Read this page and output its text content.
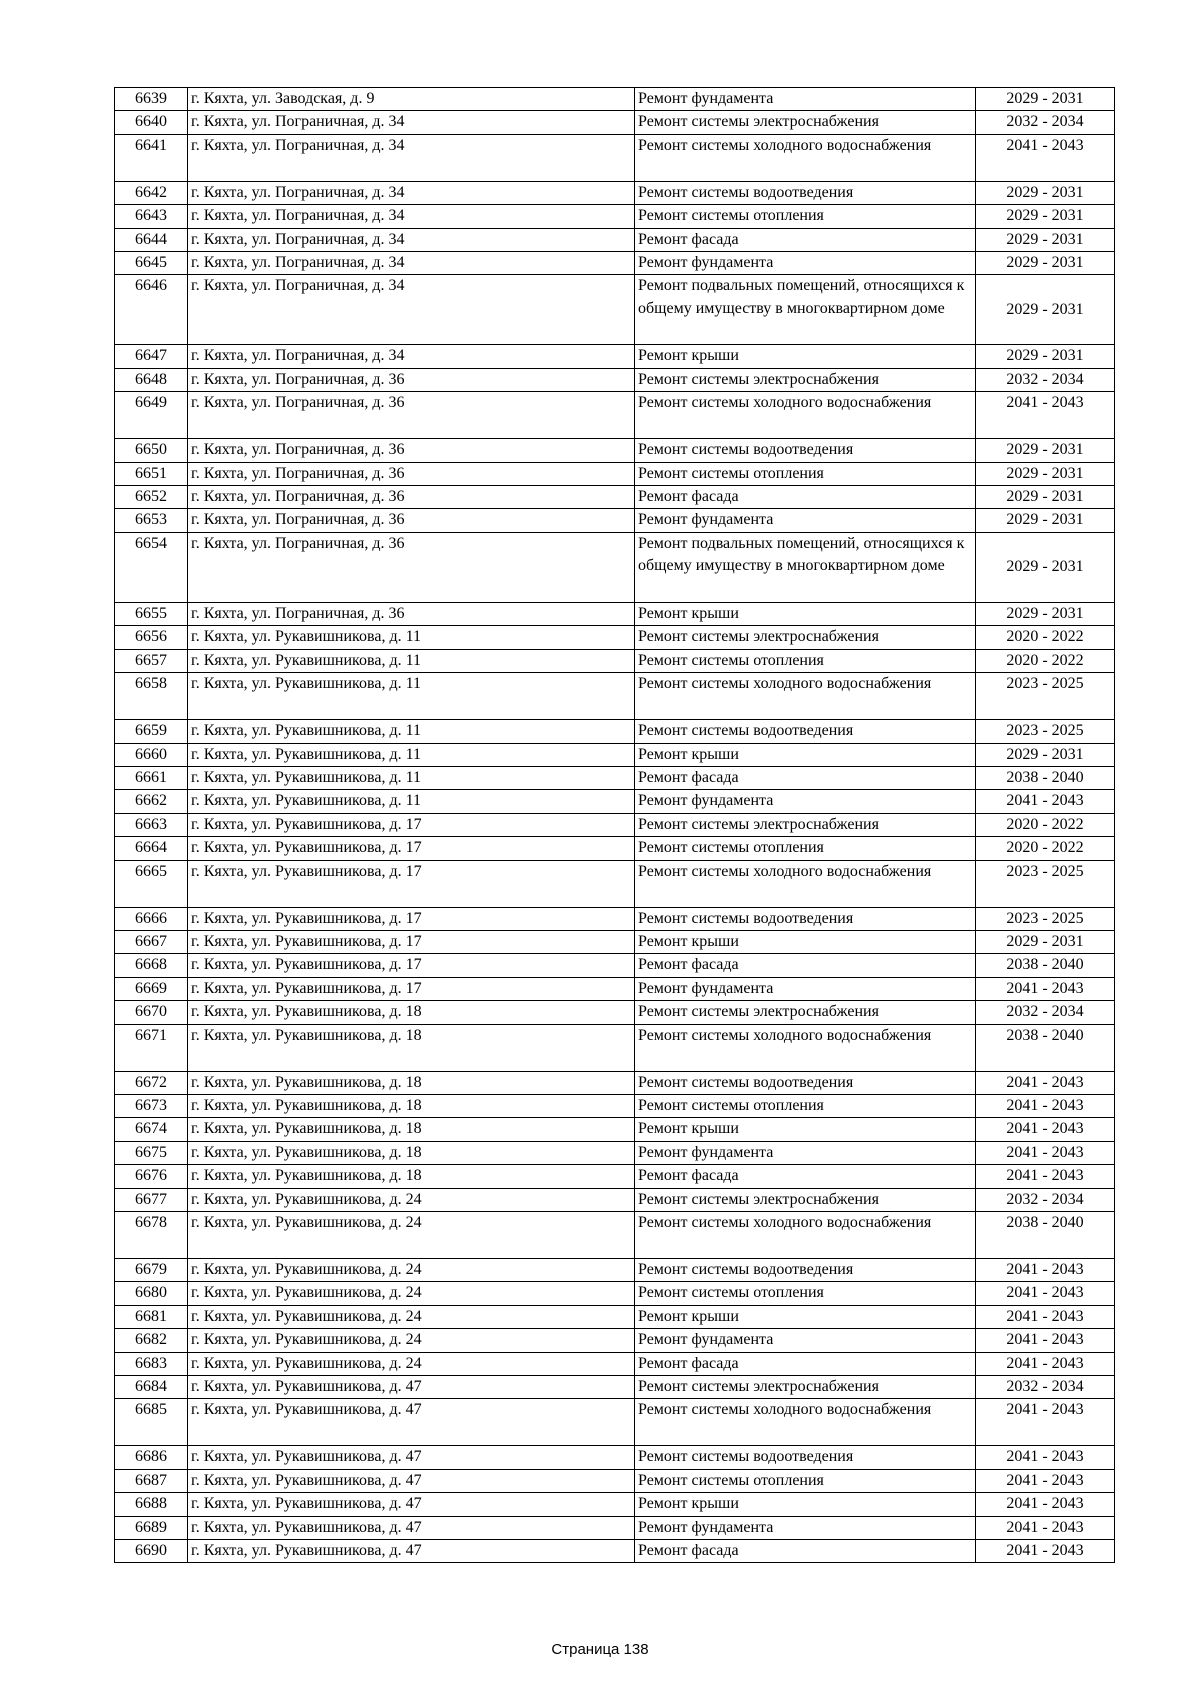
6639	г. Кяхта, ул. Заводская, д. 9	Ремонт фундамента	2029 - 2031
6640	г. Кяхта, ул. Пограничная, д. 34	Ремонт системы электроснабжения	2032 - 2034
6641	г. Кяхта, ул. Пограничная, д. 34	Ремонт системы холодного водоснабжения	2041 - 2043
6642	г. Кяхта, ул. Пограничная, д. 34	Ремонт системы водоотведения	2029 - 2031
6643	г. Кяхта, ул. Пограничная, д. 34	Ремонт системы отопления	2029 - 2031
6644	г. Кяхта, ул. Пограничная, д. 34	Ремонт фасада	2029 - 2031
6645	г. Кяхта, ул. Пограничная, д. 34	Ремонт фундамента	2029 - 2031
6646	г. Кяхта, ул. Пограничная, д. 34	Ремонт подвальных помещений, относящихся к общему имуществу в многоквартирном доме	2029 - 2031
6647	г. Кяхта, ул. Пограничная, д. 34	Ремонт крыши	2029 - 2031
6648	г. Кяхта, ул. Пограничная, д. 36	Ремонт системы электроснабжения	2032 - 2034
6649	г. Кяхта, ул. Пограничная, д. 36	Ремонт системы холодного водоснабжения	2041 - 2043
6650	г. Кяхта, ул. Пограничная, д. 36	Ремонт системы водоотведения	2029 - 2031
6651	г. Кяхта, ул. Пограничная, д. 36	Ремонт системы отопления	2029 - 2031
6652	г. Кяхта, ул. Пограничная, д. 36	Ремонт фасада	2029 - 2031
6653	г. Кяхта, ул. Пограничная, д. 36	Ремонт фундамента	2029 - 2031
6654	г. Кяхта, ул. Пограничная, д. 36	Ремонт подвальных помещений, относящихся к общему имуществу в многоквартирном доме	2029 - 2031
6655	г. Кяхта, ул. Пограничная, д. 36	Ремонт крыши	2029 - 2031
6656	г. Кяхта, ул. Рукавишникова, д. 11	Ремонт системы электроснабжения	2020 - 2022
6657	г. Кяхта, ул. Рукавишникова, д. 11	Ремонт системы отопления	2020 - 2022
6658	г. Кяхта, ул. Рукавишникова, д. 11	Ремонт системы холодного водоснабжения	2023 - 2025
6659	г. Кяхта, ул. Рукавишникова, д. 11	Ремонт системы водоотведения	2023 - 2025
6660	г. Кяхта, ул. Рукавишникова, д. 11	Ремонт крыши	2029 - 2031
6661	г. Кяхта, ул. Рукавишникова, д. 11	Ремонт фасада	2038 - 2040
6662	г. Кяхта, ул. Рукавишникова, д. 11	Ремонт фундамента	2041 - 2043
6663	г. Кяхта, ул. Рукавишникова, д. 17	Ремонт системы электроснабжения	2020 - 2022
6664	г. Кяхта, ул. Рукавишникова, д. 17	Ремонт системы отопления	2020 - 2022
6665	г. Кяхта, ул. Рукавишникова, д. 17	Ремонт системы холодного водоснабжения	2023 - 2025
6666	г. Кяхта, ул. Рукавишникова, д. 17	Ремонт системы водоотведения	2023 - 2025
6667	г. Кяхта, ул. Рукавишникова, д. 17	Ремонт крыши	2029 - 2031
6668	г. Кяхта, ул. Рукавишникова, д. 17	Ремонт фасада	2038 - 2040
6669	г. Кяхта, ул. Рукавишникова, д. 17	Ремонт фундамента	2041 - 2043
6670	г. Кяхта, ул. Рукавишникова, д. 18	Ремонт системы электроснабжения	2032 - 2034
6671	г. Кяхта, ул. Рукавишникова, д. 18	Ремонт системы холодного водоснабжения	2038 - 2040
6672	г. Кяхта, ул. Рукавишникова, д. 18	Ремонт системы водоотведения	2041 - 2043
6673	г. Кяхта, ул. Рукавишникова, д. 18	Ремонт системы отопления	2041 - 2043
6674	г. Кяхта, ул. Рукавишникова, д. 18	Ремонт крыши	2041 - 2043
6675	г. Кяхта, ул. Рукавишникова, д. 18	Ремонт фундамента	2041 - 2043
6676	г. Кяхта, ул. Рукавишникова, д. 18	Ремонт фасада	2041 - 2043
6677	г. Кяхта, ул. Рукавишникова, д. 24	Ремонт системы электроснабжения	2032 - 2034
6678	г. Кяхта, ул. Рукавишникова, д. 24	Ремонт системы холодного водоснабжения	2038 - 2040
6679	г. Кяхта, ул. Рукавишникова, д. 24	Ремонт системы водоотведения	2041 - 2043
6680	г. Кяхта, ул. Рукавишникова, д. 24	Ремонт системы отопления	2041 - 2043
6681	г. Кяхта, ул. Рукавишникова, д. 24	Ремонт крыши	2041 - 2043
6682	г. Кяхта, ул. Рукавишникова, д. 24	Ремонт фундамента	2041 - 2043
6683	г. Кяхта, ул. Рукавишникова, д. 24	Ремонт фасада	2041 - 2043
6684	г. Кяхта, ул. Рукавишникова, д. 47	Ремонт системы электроснабжения	2032 - 2034
6685	г. Кяхта, ул. Рукавишникова, д. 47	Ремонт системы холодного водоснабжения	2041 - 2043
6686	г. Кяхта, ул. Рукавишникова, д. 47	Ремонт системы водоотведения	2041 - 2043
6687	г. Кяхта, ул. Рукавишникова, д. 47	Ремонт системы отопления	2041 - 2043
6688	г. Кяхта, ул. Рукавишникова, д. 47	Ремонт крыши	2041 - 2043
6689	г. Кяхта, ул. Рукавишникова, д. 47	Ремонт фундамента	2041 - 2043
6690	г. Кяхта, ул. Рукавишникова, д. 47	Ремонт фасада	2041 - 2043
Страница 138
